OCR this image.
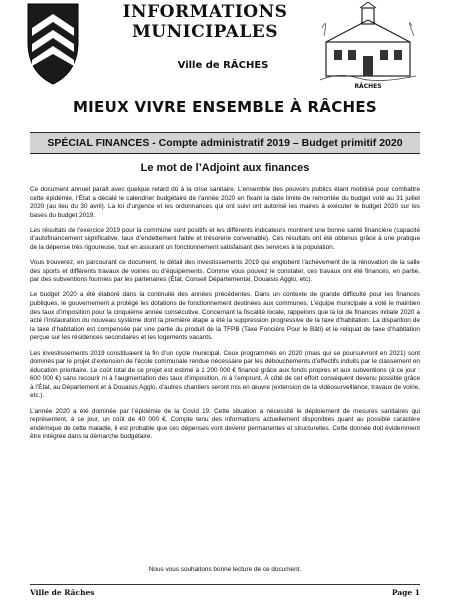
INFORMATIONS
MUNICIPALES
Ville de RÂCHES
RÂCHES
MIEUX VIVRE ENSEMBLE À RÂCHES
SPÉCIAL FINANCES - Compte administratif 2019 – Budget primitif 2020
Le mot de l’Adjoint aux finances

Ce document annuel paraît avec quelque retard dû à la crise sanitaire. L’ensemble des pouvoirs publics étant mobilisé pour combattre cette épidémie, l’État a décalé le calendrier budgétaire de l’année 2020 en fixant la date limite de remontée du budget voté au 31 juillet 2020 (au lieu du 30 avril). La loi d’urgence et les ordonnances qui ont suivi ont autorisé les maires à exécuter le budget 2020 sur les bases du budget 2019.

Les résultats de l’exercice 2019 pour la commune sont positifs et les différents indicateurs montrent une bonne santé financière (capacité d’autofinancement significative, taux d’endettement faible et trésorerie convenable). Ces résultats ont été obtenus grâce à une pratique de la dépense très rigoureuse, tout en assurant un fonctionnement satisfaisant des services à la population.

Vous trouverez, en parcourant ce document, le détail des investissements 2019 qui englobent l’achèvement de la rénovation de la salle des sports et différents travaux de voiries ou d’équipements. Comme vous pouvez le constater, ces travaux ont été financés, en partie, par des subventions fournies par les partenaires (État, Conseil Départemental, Douaisis Agglo, etc).

Le budget 2020 a été élaboré dans la continuité des années précédentes. Dans un contexte de grande difficulté pour les finances publiques, le gouvernement a protégé les dotations de fonctionnement destinées aux communes. L’équipe municipale a voté le maintien des taux d’imposition pour la cinquième année consécutive. Concernant la fiscalité locale, rappelons que la loi de finances initiale 2020 a acté l’instauration du nouveau système dont la première étape a été la suppression progressive de la taxe d’habitation. La disparition de la taxe d’habitation est compensée par une partie du produit de la TFPB (Taxe Foncière Pour le Bâti) et le reliquat de taxe d’habitation perçue sur les résidences secondaires et les logements vacants.

Les investissements 2019 constituaient la fin d’un cycle municipal. Ceux programmés en 2020 (mais qui se poursuivront en 2021) sont dominés par le projet d’extension de l’école communale rendue nécessaire par les débouchements d’effectifs induits par le classement en éducation prioritaire. Le coût total de ce projet est estimé à 1 200 000 € financé grâce aux fonds propres et aux subventions (à ce jour : 600 000 €) sans recourir ni à l’augmentation des taux d’imposition, ni à l’emprunt. À côté de cet effort conséquent devenu possible grâce à l’État, au Département et à Douaisis Agglo, d’autres chantiers seront mis en œuvre (extension de la vidéosurveillance, travaux de voirie, etc.).

L’année 2020 a été dominée par l’épidémie de la Covid 19. Cette situation a nécessité le déploiement de mesures sanitaires qui représentent, à ce jour, un coût de 40 000 €. Compte tenu des informations actuellement disponibles quant au possible caractère endémique de cette maladie, il est probable que ces dépenses vont devenir permanentes et structurelles. Cette donnée doit évidemment être intégrée dans la démarche budgétaire.

Nous vous souhaitons bonne lecture de ce document.
Ville de Râches	Page 1
